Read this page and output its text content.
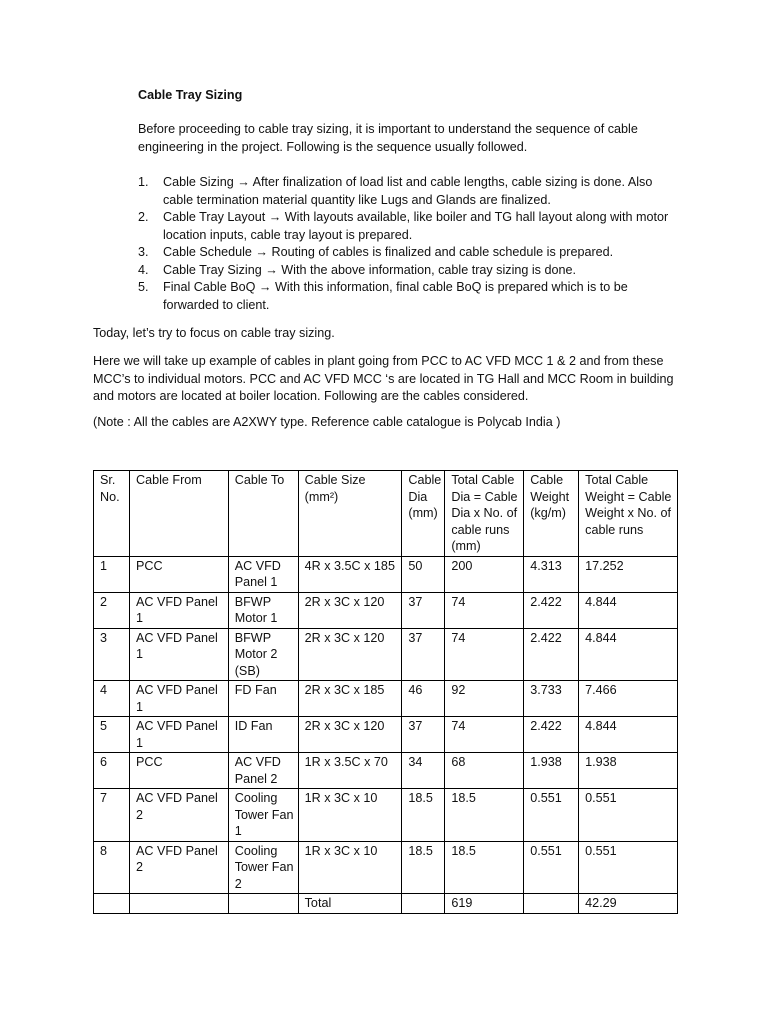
Cable Tray Sizing
Before proceeding to cable tray sizing, it is important to understand the sequence of cable engineering in the project. Following is the sequence usually followed.
1. Cable Sizing → After finalization of load list and cable lengths, cable sizing is done. Also cable termination material quantity like Lugs and Glands are finalized.
2. Cable Tray Layout → With layouts available, like boiler and TG hall layout along with motor location inputs, cable tray layout is prepared.
3. Cable Schedule → Routing of cables is finalized and cable schedule is prepared.
4. Cable Tray Sizing → With the above information, cable tray sizing is done.
5. Final Cable BoQ → With this information, final cable BoQ is prepared which is to be forwarded to client.
Today, let’s try to focus on cable tray sizing.
Here we will take up example of cables in plant going from PCC to AC VFD MCC 1 & 2 and from these MCC’s to individual motors. PCC and AC VFD MCC ‘s are located in TG Hall and MCC Room in building and motors are located at boiler location. Following are the cables considered.
(Note : All the cables are A2XWY type. Reference cable catalogue is Polycab India )
Sr. No.	Cable From	Cable To	Cable Size (mm²)	Cable Dia (mm)	Total Cable Dia = Cable Dia x No. of cable runs (mm)	Cable Weight (kg/m)	Total Cable Weight = Cable Weight x No. of cable runs
1	PCC	AC VFD Panel 1	4R x 3.5C x 185	50	200	4.313	17.252
2	AC VFD Panel 1	BFWP Motor 1	2R x 3C x 120	37	74	2.422	4.844
3	AC VFD Panel 1	BFWP Motor 2 (SB)	2R x 3C x 120	37	74	2.422	4.844
4	AC VFD Panel 1	FD Fan	2R x 3C x 185	46	92	3.733	7.466
5	AC VFD Panel 1	ID Fan	2R x 3C x 120	37	74	2.422	4.844
6	PCC	AC VFD Panel 2	1R x 3.5C x 70	34	68	1.938	1.938
7	AC VFD Panel 2	Cooling Tower Fan 1	1R x 3C x 10	18.5	18.5	0.551	0.551
8	AC VFD Panel 2	Cooling Tower Fan 2	1R x 3C x 10	18.5	18.5	0.551	0.551
			Total		619		42.29
